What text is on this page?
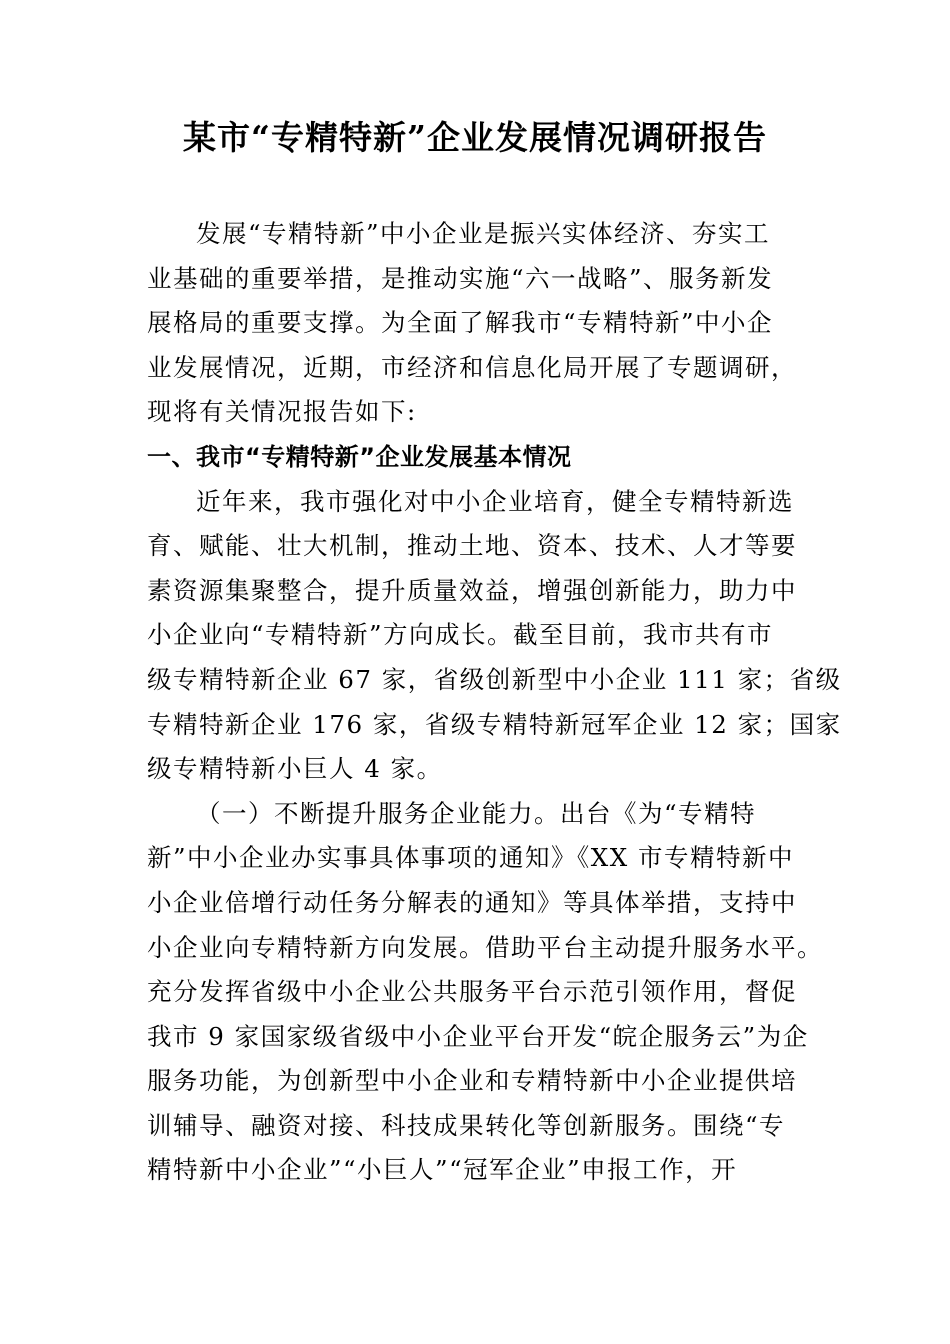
某市“专精特新”企业发展情况调研报告
发展“专精特新”中小企业是振兴实体经济、夯实工
业基础的重要举措，是推动实施“六一战略”、服务新发
展格局的重要支撑。为全面了解我市“专精特新”中小企
业发展情况，近期，市经济和信息化局开展了专题调研，
现将有关情况报告如下:
一、我市“专精特新”企业发展基本情况
近年来，我市强化对中小企业培育，健全专精特新选
育、赋能、壮大机制，推动土地、资本、技术、人才等要
素资源集聚整合，提升质量效益，增强创新能力，助力中
小企业向“专精特新”方向成长。截至目前，我市共有市
级专精特新企业 67 家，省级创新型中小企业 111 家；省级
专精特新企业 176 家，省级专精特新冠军企业 12 家；国家
级专精特新小巨人 4 家。
（一）不断提升服务企业能力。出台《为“专精特
新”中小企业办实事具体事项的通知》《XX 市专精特新中
小企业倍增行动任务分解表的通知》等具体举措，支持中
小企业向专精特新方向发展。借助平台主动提升服务水平。
充分发挥省级中小企业公共服务平台示范引领作用，督促
我市 9 家国家级省级中小企业平台开发“皖企服务云”为企
服务功能，为创新型中小企业和专精特新中小企业提供培
训辅导、融资对接、科技成果转化等创新服务。围绕“专
精特新中小企业”“小巨人”“冠军企业”申报工作，开
